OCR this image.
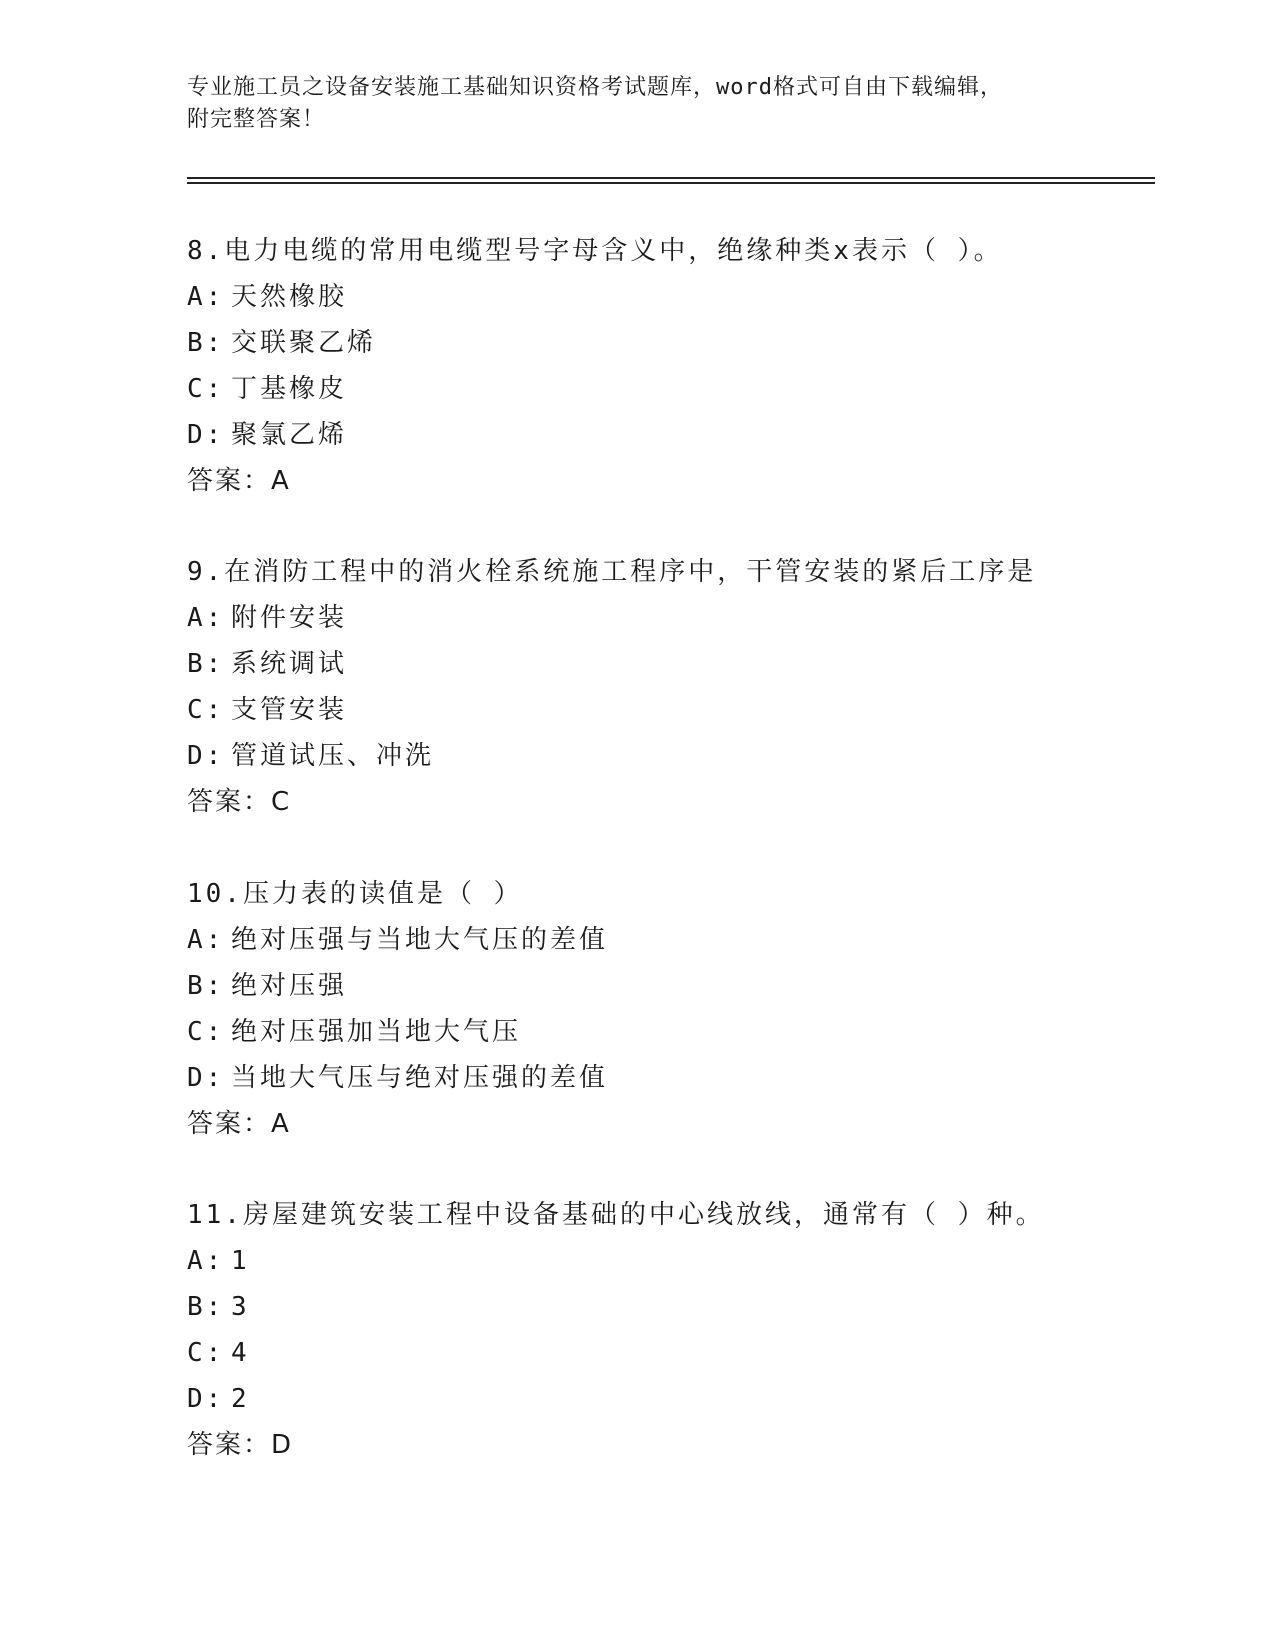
专业施工员之设备安装施工基础知识资格考试题库，word格式可自由下载编辑，
附完整答案！
8.电力电缆的常用电缆型号字母含义中，绝缘种类x表示（ ）。
A: 天然橡胶
B: 交联聚乙烯
C: 丁基橡皮
D: 聚氯乙烯
答案：A
9.在消防工程中的消火栓系统施工程序中，干管安装的紧后工序是
A: 附件安装
B: 系统调试
C: 支管安装
D: 管道试压、冲洗
答案：C
10.压力表的读值是（ ）
A: 绝对压强与当地大气压的差值
B: 绝对压强
C: 绝对压强加当地大气压
D: 当地大气压与绝对压强的差值
答案：A
11.房屋建筑安装工程中设备基础的中心线放线，通常有（ ）种。
A: 1
B: 3
C: 4
D: 2
答案：D
